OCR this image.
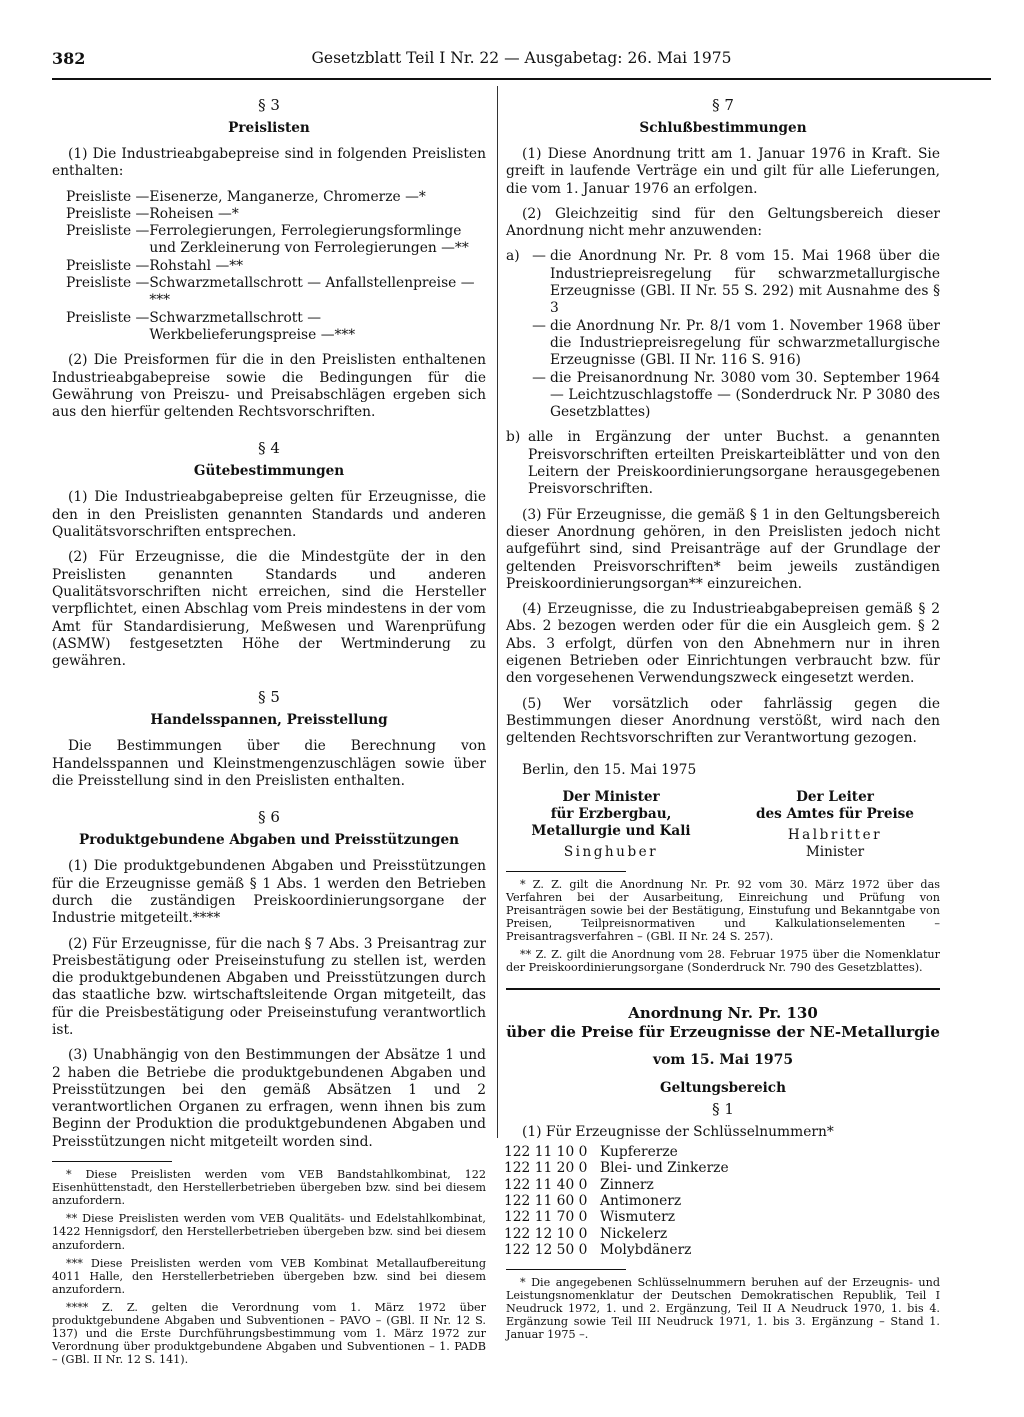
382	Gesetzblatt Teil I Nr. 22 — Ausgabetag: 26. Mai 1975
§ 3
Preislisten

(1) Die Industrieabgabepreise sind in folgenden Preislisten enthalten:

Preisliste — Eisenerze, Manganerze, Chromerze —*
Preisliste — Roheisen —*
Preisliste — Ferrolegierungen, Ferrolegierungsformlinge und Zerkleinerung von Ferrolegierungen —**
Preisliste — Rohstahl —**
Preisliste — Schwarzmetallschrott — Anfallstellenpreise —***
Preisliste — Schwarzmetallschrott — Werkbelieferungspreise —***

(2) Die Preisformen für die in den Preislisten enthaltenen Industrieabgabepreise sowie die Bedingungen für die Gewährung von Preiszu- und Preisabschlägen ergeben sich aus den hierfür geltenden Rechtsvorschriften.

§ 4
Gütebestimmungen

(1) Die Industrieabgabepreise gelten für Erzeugnisse, die den in den Preislisten genannten Standards und anderen Qualitätsvorschriften entsprechen.

(2) Für Erzeugnisse, die die Mindestgüte der in den Preislisten genannten Standards und anderen Qualitätsvorschriften nicht erreichen, sind die Hersteller verpflichtet, einen Abschlag vom Preis mindestens in der vom Amt für Standardisierung, Meßwesen und Warenprüfung (ASMW) festgesetzten Höhe der Wertminderung zu gewähren.

§ 5
Handelsspannen, Preisstellung

Die Bestimmungen über die Berechnung von Handelsspannen und Kleinstmengenzuschlägen sowie über die Preisstellung sind in den Preislisten enthalten.

§ 6
Produktgebundene Abgaben und Preisstützungen

(1) Die produktgebundenen Abgaben und Preisstützungen für die Erzeugnisse gemäß § 1 Abs. 1 werden den Betrieben durch die zuständigen Preiskoordinierungsorgane der Industrie mitgeteilt.****

(2) Für Erzeugnisse, für die nach § 7 Abs. 3 Preisantrag zur Preisbestätigung oder Preiseinstufung zu stellen ist, werden die produktgebundenen Abgaben und Preisstützungen durch das staatliche bzw. wirtschaftsleitende Organ mitgeteilt, das für die Preisbestätigung oder Preiseinstufung verantwortlich ist.

(3) Unabhängig von den Bestimmungen der Absätze 1 und 2 haben die Betriebe die produktgebundenen Abgaben und Preisstützungen bei den gemäß Absätzen 1 und 2 verantwortlichen Organen zu erfragen, wenn ihnen bis zum Beginn der Produktion die produktgebundenen Abgaben und Preisstützungen nicht mitgeteilt worden sind.

* Diese Preislisten werden vom VEB Bandstahlkombinat, 122 Eisenhüttenstadt, den Herstellerbetrieben übergeben bzw. sind bei diesem anzufordern.

** Diese Preislisten werden vom VEB Qualitäts- und Edelstahlkombinat, 1422 Hennigsdorf, den Herstellerbetrieben übergeben bzw. sind bei diesem anzufordern.

*** Diese Preislisten werden vom VEB Kombinat Metallaufbereitung 4011 Halle, den Herstellerbetrieben übergeben bzw. sind bei diesem anzufordern.

**** Z. Z. gelten die Verordnung vom 1. März 1972 über produktgebundene Abgaben und Subventionen – PAVO – (GBl. II Nr. 12 S. 137) und die Erste Durchführungsbestimmung vom 1. März 1972 zur Verordnung über produktgebundene Abgaben und Subventionen – 1. PADB – (GBl. II Nr. 12 S. 141).

§ 7
Schlußbestimmungen

(1) Diese Anordnung tritt am 1. Januar 1976 in Kraft. Sie greift in laufende Verträge ein und gilt für alle Lieferungen, die vom 1. Januar 1976 an erfolgen.

(2) Gleichzeitig sind für den Geltungsbereich dieser Anordnung nicht mehr anzuwenden:

a) — die Anordnung Nr. Pr. 8 vom 15. Mai 1968 über die Industriepreisregelung für schwarzmetallurgische Erzeugnisse (GBl. II Nr. 55 S. 292) mit Ausnahme des § 3
— die Anordnung Nr. Pr. 8/1 vom 1. November 1968 über die Industriepreisregelung für schwarzmetallurgische Erzeugnisse (GBl. II Nr. 116 S. 916)
— die Preisanordnung Nr. 3080 vom 30. September 1964 — Leichtzuschlagstoffe — (Sonderdruck Nr. P 3080 des Gesetzblattes)
b) alle in Ergänzung der unter Buchst. a genannten Preisvorschriften erteilten Preiskarteiblätter und von den Leitern der Preiskoordinierungsorgane herausgegebenen Preisvorschriften.

(3) Für Erzeugnisse, die gemäß § 1 in den Geltungsbereich dieser Anordnung gehören, in den Preislisten jedoch nicht aufgeführt sind, sind Preisanträge auf der Grundlage der geltenden Preisvorschriften* beim jeweils zuständigen Preiskoordinierungsorgan** einzureichen.

(4) Erzeugnisse, die zu Industrieabgabepreisen gemäß § 2 Abs. 2 bezogen werden oder für die ein Ausgleich gem. § 2 Abs. 3 erfolgt, dürfen von den Abnehmern nur in ihren eigenen Betrieben oder Einrichtungen verbraucht bzw. für den vorgesehenen Verwendungszweck eingesetzt werden.

(5) Wer vorsätzlich oder fahrlässig gegen die Bestimmungen dieser Anordnung verstößt, wird nach den geltenden Rechtsvorschriften zur Verantwortung gezogen.

Berlin, den 15. Mai 1975

Der Minister
für Erzbergbau,
Metallurgie und Kali
Singhuber
Der Leiter
des Amtes für Preise
Halbritter
Minister

* Z. Z. gilt die Anordnung Nr. Pr. 92 vom 30. März 1972 über das Verfahren bei der Ausarbeitung, Einreichung und Prüfung von Preisanträgen sowie bei der Bestätigung, Einstufung und Bekanntgabe von Preisen, Teilpreisnormativen und Kalkulationselementen – Preisantragsverfahren – (GBl. II Nr. 24 S. 257).

** Z. Z. gilt die Anordnung vom 28. Februar 1975 über die Nomenklatur der Preiskoordinierungsorgane (Sonderdruck Nr. 790 des Gesetzblattes).

Anordnung Nr. Pr. 130
über die Preise für Erzeugnisse der NE-Metallurgie
vom 15. Mai 1975
Geltungsbereich
§ 1

(1) Für Erzeugnisse der Schlüsselnummern*

122 11 10 0	Kupfererze
122 11 20 0	Blei- und Zinkerze
122 11 40 0	Zinnerz
122 11 60 0	Antimonerz
122 11 70 0	Wismuterz
122 12 10 0	Nickelerz
122 12 50 0	Molybdänerz

* Die angegebenen Schlüsselnummern beruhen auf der Erzeugnis- und Leistungsnomenklatur der Deutschen Demokratischen Republik, Teil I Neudruck 1972, 1. und 2. Ergänzung, Teil II A Neudruck 1970, 1. bis 4. Ergänzung sowie Teil III Neudruck 1971, 1. bis 3. Ergänzung – Stand 1. Januar 1975 –.
